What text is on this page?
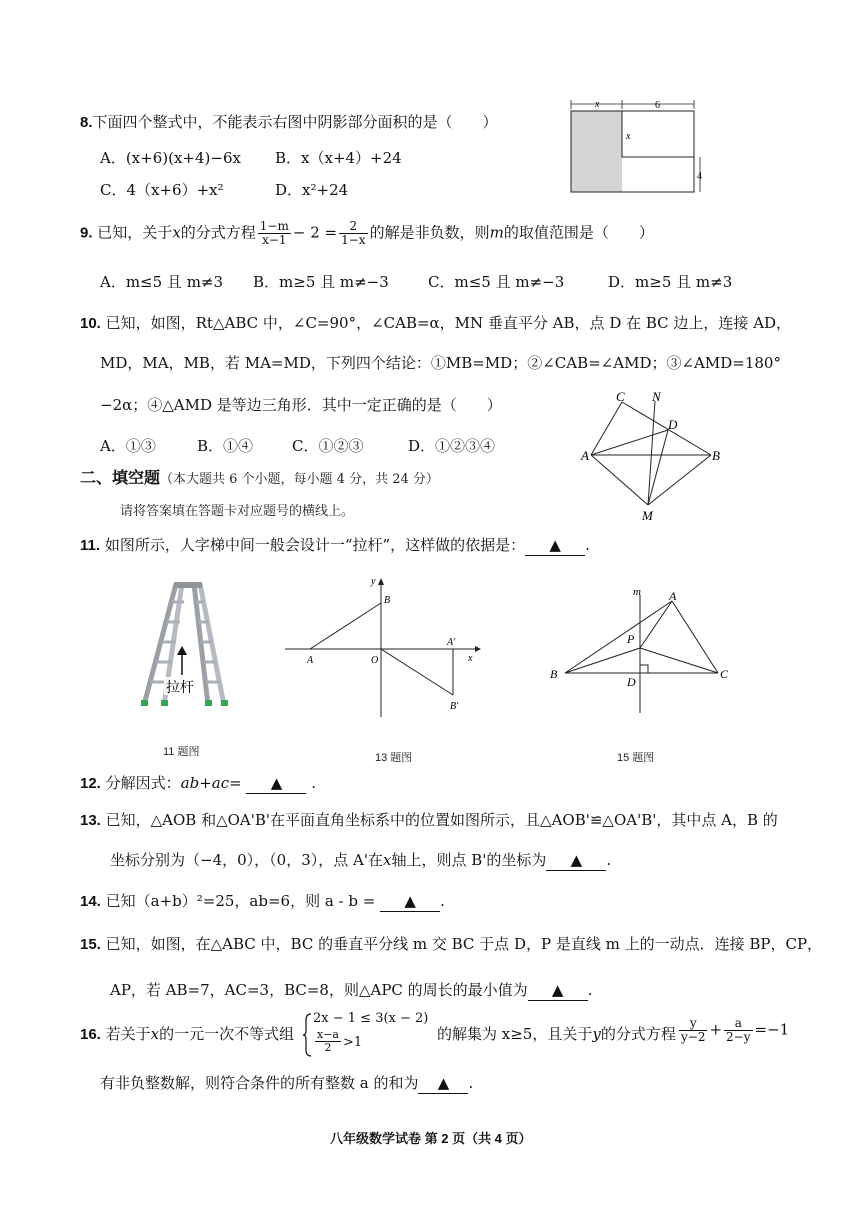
8.下面四个整式中，不能表示右图中阴影部分面积的是（　　）
A．(x+6)(x+4)−6x B．x（x+4）+24
C．4（x+6）+x²	D．x²+24
x	6
x
4
9. 已知，关于x的分式方程 $\frac{1-m}{x-1} - 2 = \frac{2}{1-x}$ 的解是非负数，则m的取值范围是（　　）
A．m≤5 且 m≠3 B．m≥5 且 m≠−3	C．m≤5 且 m≠−3	D．m≥5 且 m≠3
10. 已知，如图，Rt△ABC 中，∠C=90°，∠CAB=α，MN 垂直平分 AB，点 D 在 BC 边上，连接 AD，
MD，MA，MB，若 MA=MD，下列四个结论：①MB=MD；②∠CAB=∠AMD；③∠AMD=180°
−2α；④△AMD 是等边三角形．其中一定正确的是（　　）
A．①③	B．①④	C．①②③	D．①②③④
C N
D
A	B
M
二、填空题（本大题共 6 个小题，每小题 4 分，共 24 分）
请将答案填在答题卡对应题号的横线上。
11. 如图所示，人字梯中间一般会设计一“拉杆”，这样做的依据是： ▲ .
拉杆
11 题图
y
x
B
A	O
A′
B′
13 题图
m A
P
B
D
C
15 题图
12. 分解因式：ab+ac= ▲ .
13. 已知，△AOB 和△OA'B'在平面直角坐标系中的位置如图所示，且△AOB'≌△OA'B'，其中点 A，B 的
坐标分别为（−4，0），（0，3），点 A'在x轴上，则点 B'的坐标为 ▲ .
14. 已知（a+b）²=25，ab=6，则 a - b = ▲ .
15. 已知，如图，在△ABC 中，BC 的垂直平分线 m 交 BC 于点 D，P 是直线 m 上的一动点．连接 BP，CP，
AP，若 AB=7，AC=3，BC=8，则△APC 的周长的最小值为 ▲ .
16. 若关于x的一元一次不等式组
2x − 1 ≤ 3(x − 2)
$\frac{x-a}{2} >1$	的解集为 x≥5，且关于y的分式方程 $\frac{y}{y-2} + \frac{a}{2-y} =-1$
有非负整数解，则符合条件的所有整数 a 的和为 ▲ .
八年级数学试卷 第 2 页（共 4 页）
